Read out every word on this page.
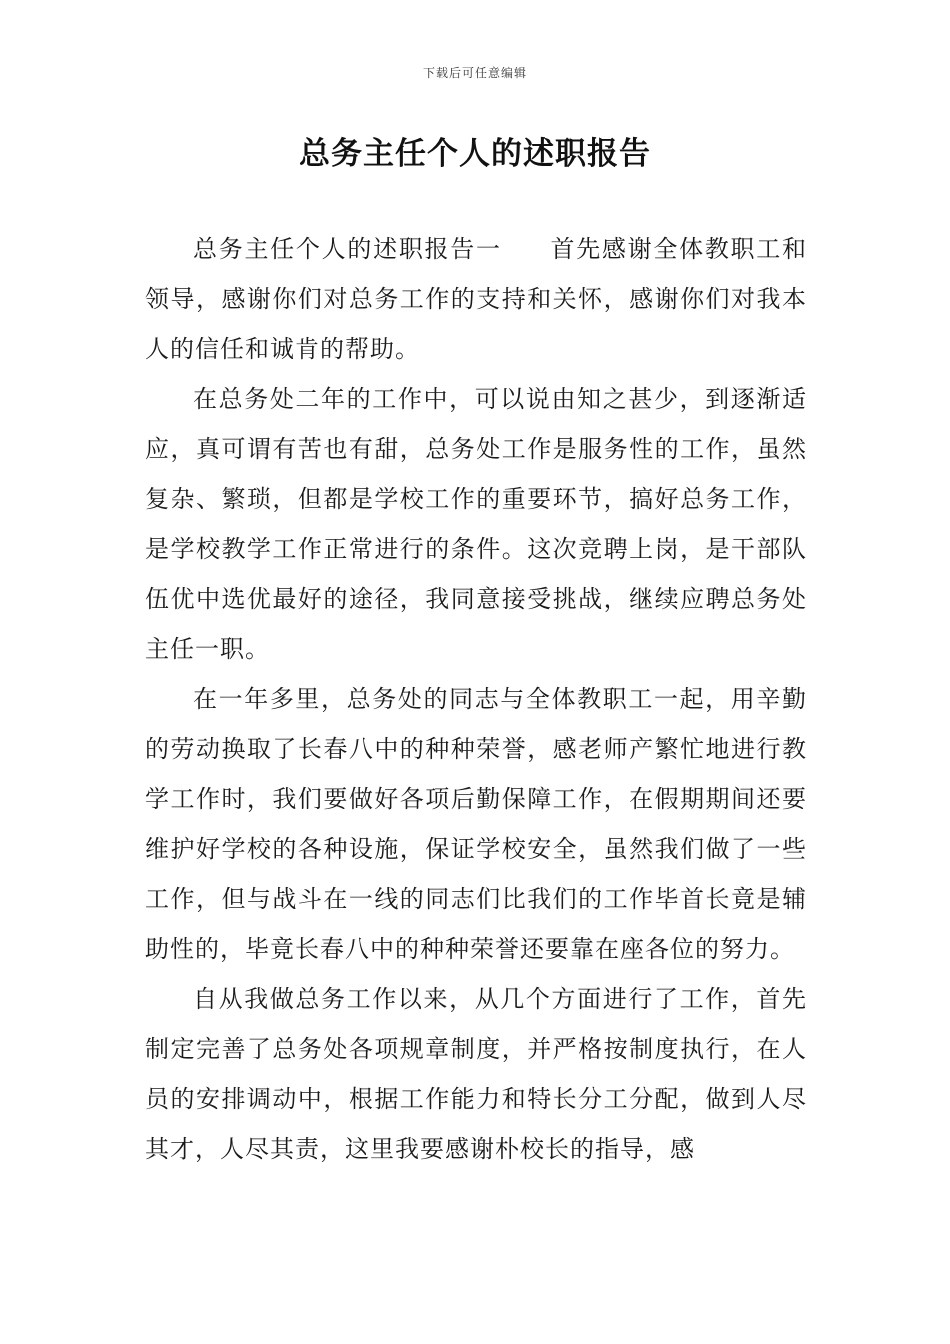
下载后可任意编辑
总务主任个人的述职报告

总务主任个人的述职报告一 首先感谢全体教职工和领导，感谢你们对总务工作的支持和关怀，感谢你们对我本人的信任和诚肯的帮助。

在总务处二年的工作中，可以说由知之甚少，到逐渐适应，真可谓有苦也有甜，总务处工作是服务性的工作，虽然复杂、繁琐，但都是学校工作的重要环节，搞好总务工作，是学校教学工作正常进行的条件。这次竞聘上岗，是干部队伍优中选优最好的途径，我同意接受挑战，继续应聘总务处主任一职。

在一年多里，总务处的同志与全体教职工一起，用辛勤的劳动换取了长春八中的种种荣誉，感老师产繁忙地进行教学工作时，我们要做好各项后勤保障工作，在假期期间还要维护好学校的各种设施，保证学校安全，虽然我们做了一些工作，但与战斗在一线的同志们比我们的工作毕首长竟是辅助性的，毕竟长春八中的种种荣誉还要靠在座各位的努力。

自从我做总务工作以来，从几个方面进行了工作，首先制定完善了总务处各项规章制度，并严格按制度执行，在人员的安排调动中，根据工作能力和特长分工分配，做到人尽其才，人尽其责，这里我要感谢朴校长的指导，感
